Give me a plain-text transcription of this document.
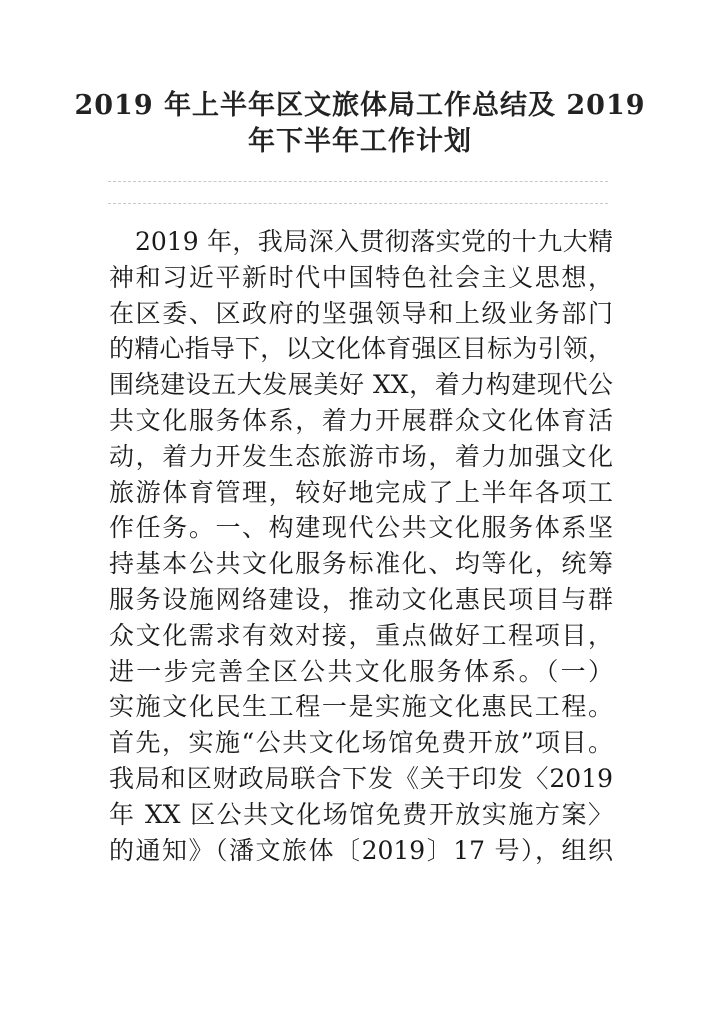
2019 年上半年区文旅体局工作总结及 2019
年下半年工作计划
2019 年，我局深入贯彻落实党的十九大精
神和习近平新时代中国特色社会主义思想，
在区委、区政府的坚强领导和上级业务部门
的精心指导下，以文化体育强区目标为引领，
围绕建设五大发展美好 XX，着力构建现代公
共文化服务体系，着力开展群众文化体育活
动，着力开发生态旅游市场，着力加强文化
旅游体育管理，较好地完成了上半年各项工
作任务。一、构建现代公共文化服务体系坚
持基本公共文化服务标准化、均等化，统筹
服务设施网络建设，推动文化惠民项目与群
众文化需求有效对接，重点做好工程项目，
进一步完善全区公共文化服务体系。（一）
实施文化民生工程一是实施文化惠民工程。
首先，实施“公共文化场馆免费开放”项目。
我局和区财政局联合下发《关于印发〈2019
年 XX 区公共文化场馆免费开放实施方案〉
的通知》（潘文旅体〔2019〕17 号），组织
